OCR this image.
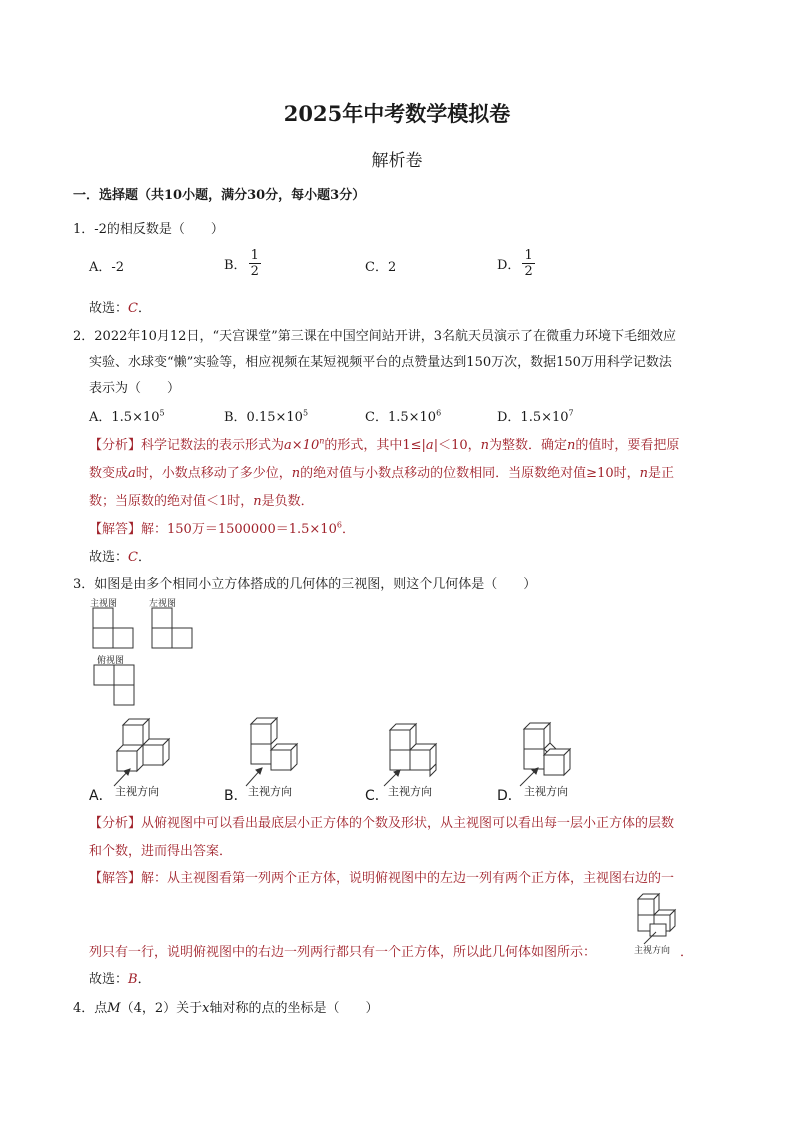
2025年中考数学模拟卷
解析卷
一．选择题（共10小题，满分30分，每小题3分）
1．-2的相反数是（　　）
A．-2	B． $\frac{1}{2}$	C．2	D． $\frac{1}{2}$
故选：C．
2．2022年10月12日，“天宫课堂”第三课在中国空间站开讲，3名航天员演示了在微重力环境下毛细效应
实验、水球变“懒”实验等，相应视频在某短视频平台的点赞量达到150万次，数据150万用科学记数法
表示为（　　）
A．$1.5\times 10^5$	B．$0.15\times 10^5$	C．$1.5\times 10^6$	D．$1.5\times 10^7$
【分析】科学记数法的表示形式为$a\times 10^n$的形式，其中1≤|a|＜10，n为整数．确定n的值时，要看把原
数变成a时，小数点移动了多少位，n的绝对值与小数点移动的位数相同．当原数绝对值≥10时，n是正
数；当原数的绝对值＜1时，n是负数．
【解答】解：150万$=1500000=1.5\times 10^6$．
故选：C．
3．如图是由多个相同小立方体搭成的几何体的三视图，则这个几何体是（　　）
主视图	左视图
俯视图
A． 主视方向	B． 主视方向	C． 主视方向	D． 主视方向
【分析】从俯视图中可以看出最底层小正方体的个数及形状，从主视图可以看出每一层小正方体的层数
和个数，进而得出答案．
【解答】解：从主视图看第一列两个正方体，说明俯视图中的左边一列有两个正方体，主视图右边的一
列只有一行，说明俯视图中的右边一列两行都只有一个正方体，所以此几何体如图所示：	主视方向 ．
故选：B．
4．点M（4，2）关于x轴对称的点的坐标是（　　）
